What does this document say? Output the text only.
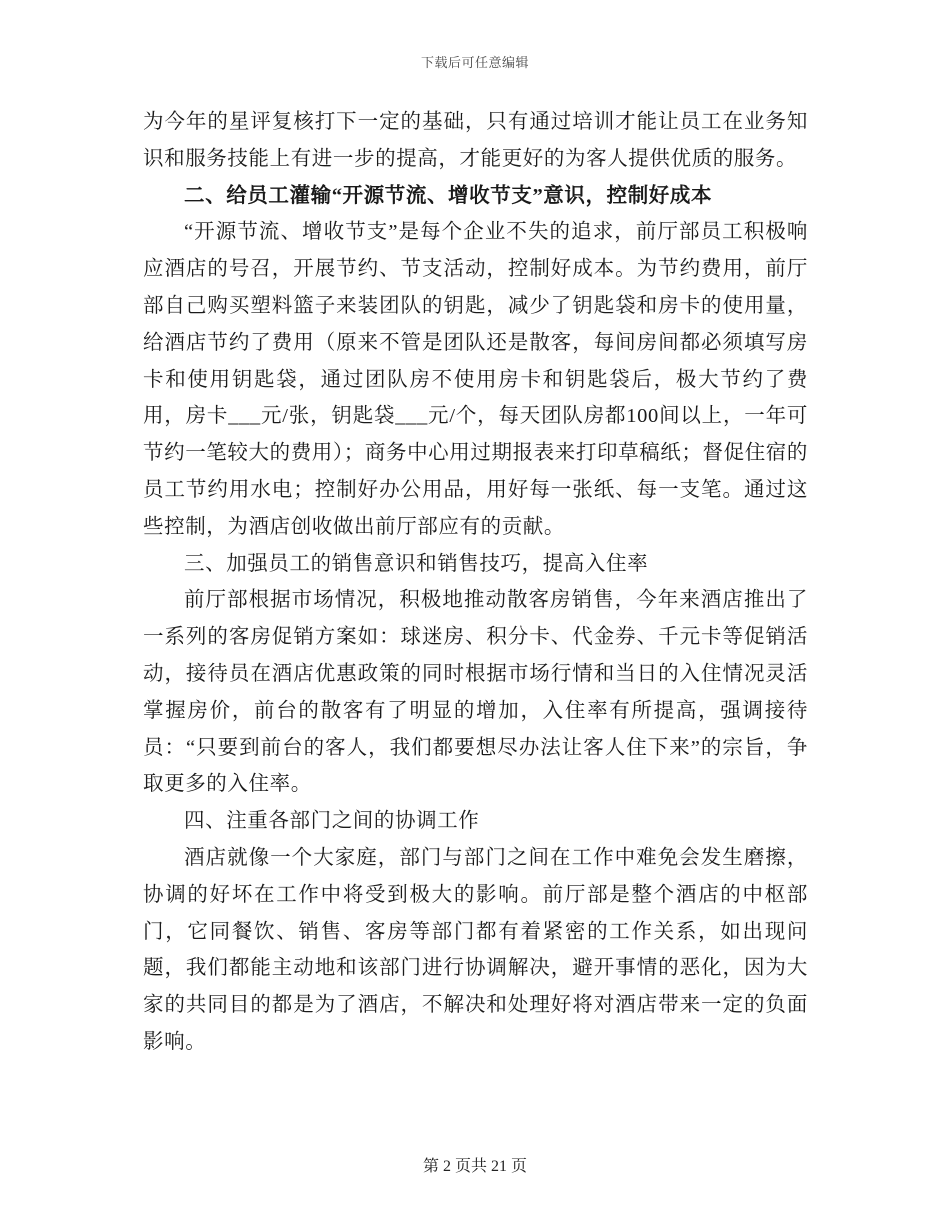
下载后可任意编辑

为今年的星评复核打下一定的基础，只有通过培训才能让员工在业务知识和服务技能上有进一步的提高，才能更好的为客人提供优质的服务。

二、给员工灌输“开源节流、增收节支”意识，控制好成本

“开源节流、增收节支”是每个企业不失的追求，前厅部员工积极响应酒店的号召，开展节约、节支活动，控制好成本。为节约费用，前厅部自己购买塑料篮子来装团队的钥匙，减少了钥匙袋和房卡的使用量，给酒店节约了费用（原来不管是团队还是散客，每间房间都必须填写房卡和使用钥匙袋，通过团队房不使用房卡和钥匙袋后，极大节约了费用，房卡___元/张，钥匙袋___元/个，每天团队房都100间以上，一年可节约一笔较大的费用）；商务中心用过期报表来打印草稿纸；督促住宿的员工节约用水电；控制好办公用品，用好每一张纸、每一支笔。通过这些控制，为酒店创收做出前厅部应有的贡献。

三、加强员工的销售意识和销售技巧，提高入住率

前厅部根据市场情况，积极地推动散客房销售，今年来酒店推出了一系列的客房促销方案如：球迷房、积分卡、代金券、千元卡等促销活动，接待员在酒店优惠政策的同时根据市场行情和当日的入住情况灵活掌握房价，前台的散客有了明显的增加，入住率有所提高，强调接待员：“只要到前台的客人，我们都要想尽办法让客人住下来”的宗旨，争取更多的入住率。

四、注重各部门之间的协调工作

酒店就像一个大家庭，部门与部门之间在工作中难免会发生磨擦，协调的好坏在工作中将受到极大的影响。前厅部是整个酒店的中枢部门，它同餐饮、销售、客房等部门都有着紧密的工作关系，如出现问题，我们都能主动地和该部门进行协调解决，避开事情的恶化，因为大家的共同目的都是为了酒店，不解决和处理好将对酒店带来一定的负面影响。

第 2 页共 21 页
